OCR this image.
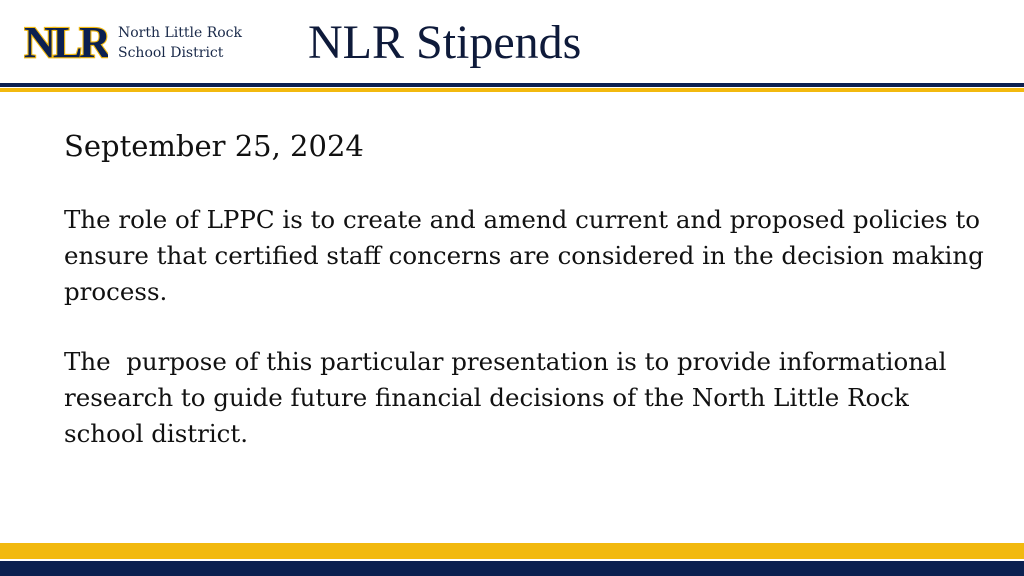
NLR North Little Rock
School District	NLR Stipends

September 25, 2024

The role of LPPC is to create and amend current and proposed policies to ensure that certified staff concerns are considered in the decision making process.

The  purpose of this particular presentation is to provide informational research to guide future financial decisions of the North Little Rock school district.
